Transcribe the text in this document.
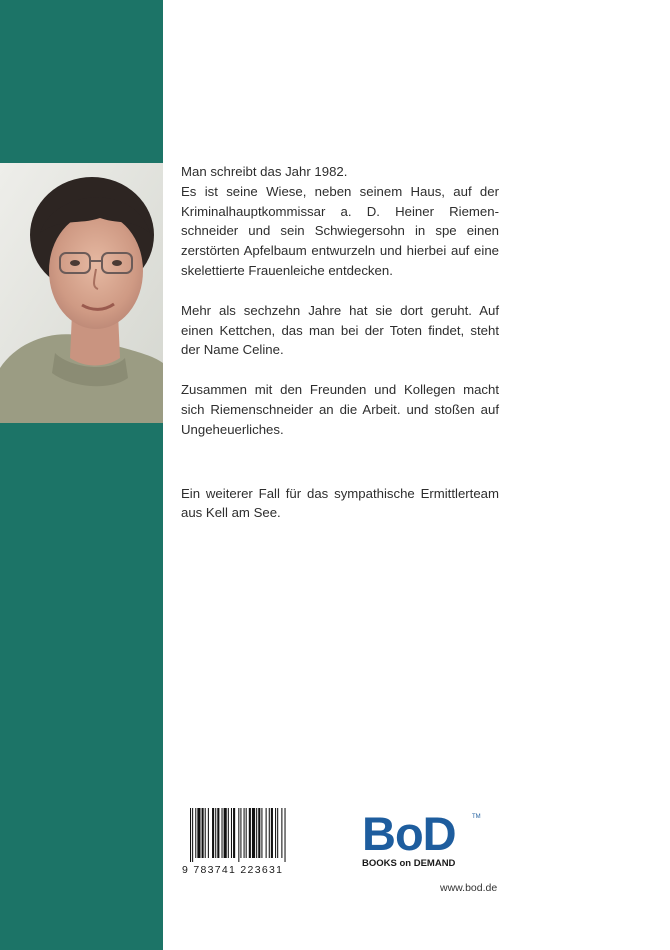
Man schreibt das Jahr 1982.
Es ist seine Wiese, neben seinem Haus, auf der Kriminalhauptkommissar a. D. Heiner Riemenschneider und sein Schwiegersohn in spe einen zerstörten Apfelbaum entwurzeln und hierbei auf eine skelettierte Frauenleiche entdecken.

Mehr als sechzehn Jahre hat sie dort geruht. Auf einen Kettchen, das man bei der Toten findet, steht der Name Celine.

Zusammen mit den Freunden und Kollegen macht sich Riemenschneider an die Arbeit. und stoßen auf Ungeheuerliches.

Ein weiterer Fall für das sympathische Ermittlerteam aus Kell am See.

9 783741 223631
BoD	TM
BOOKS on DEMAND
www.bod.de
